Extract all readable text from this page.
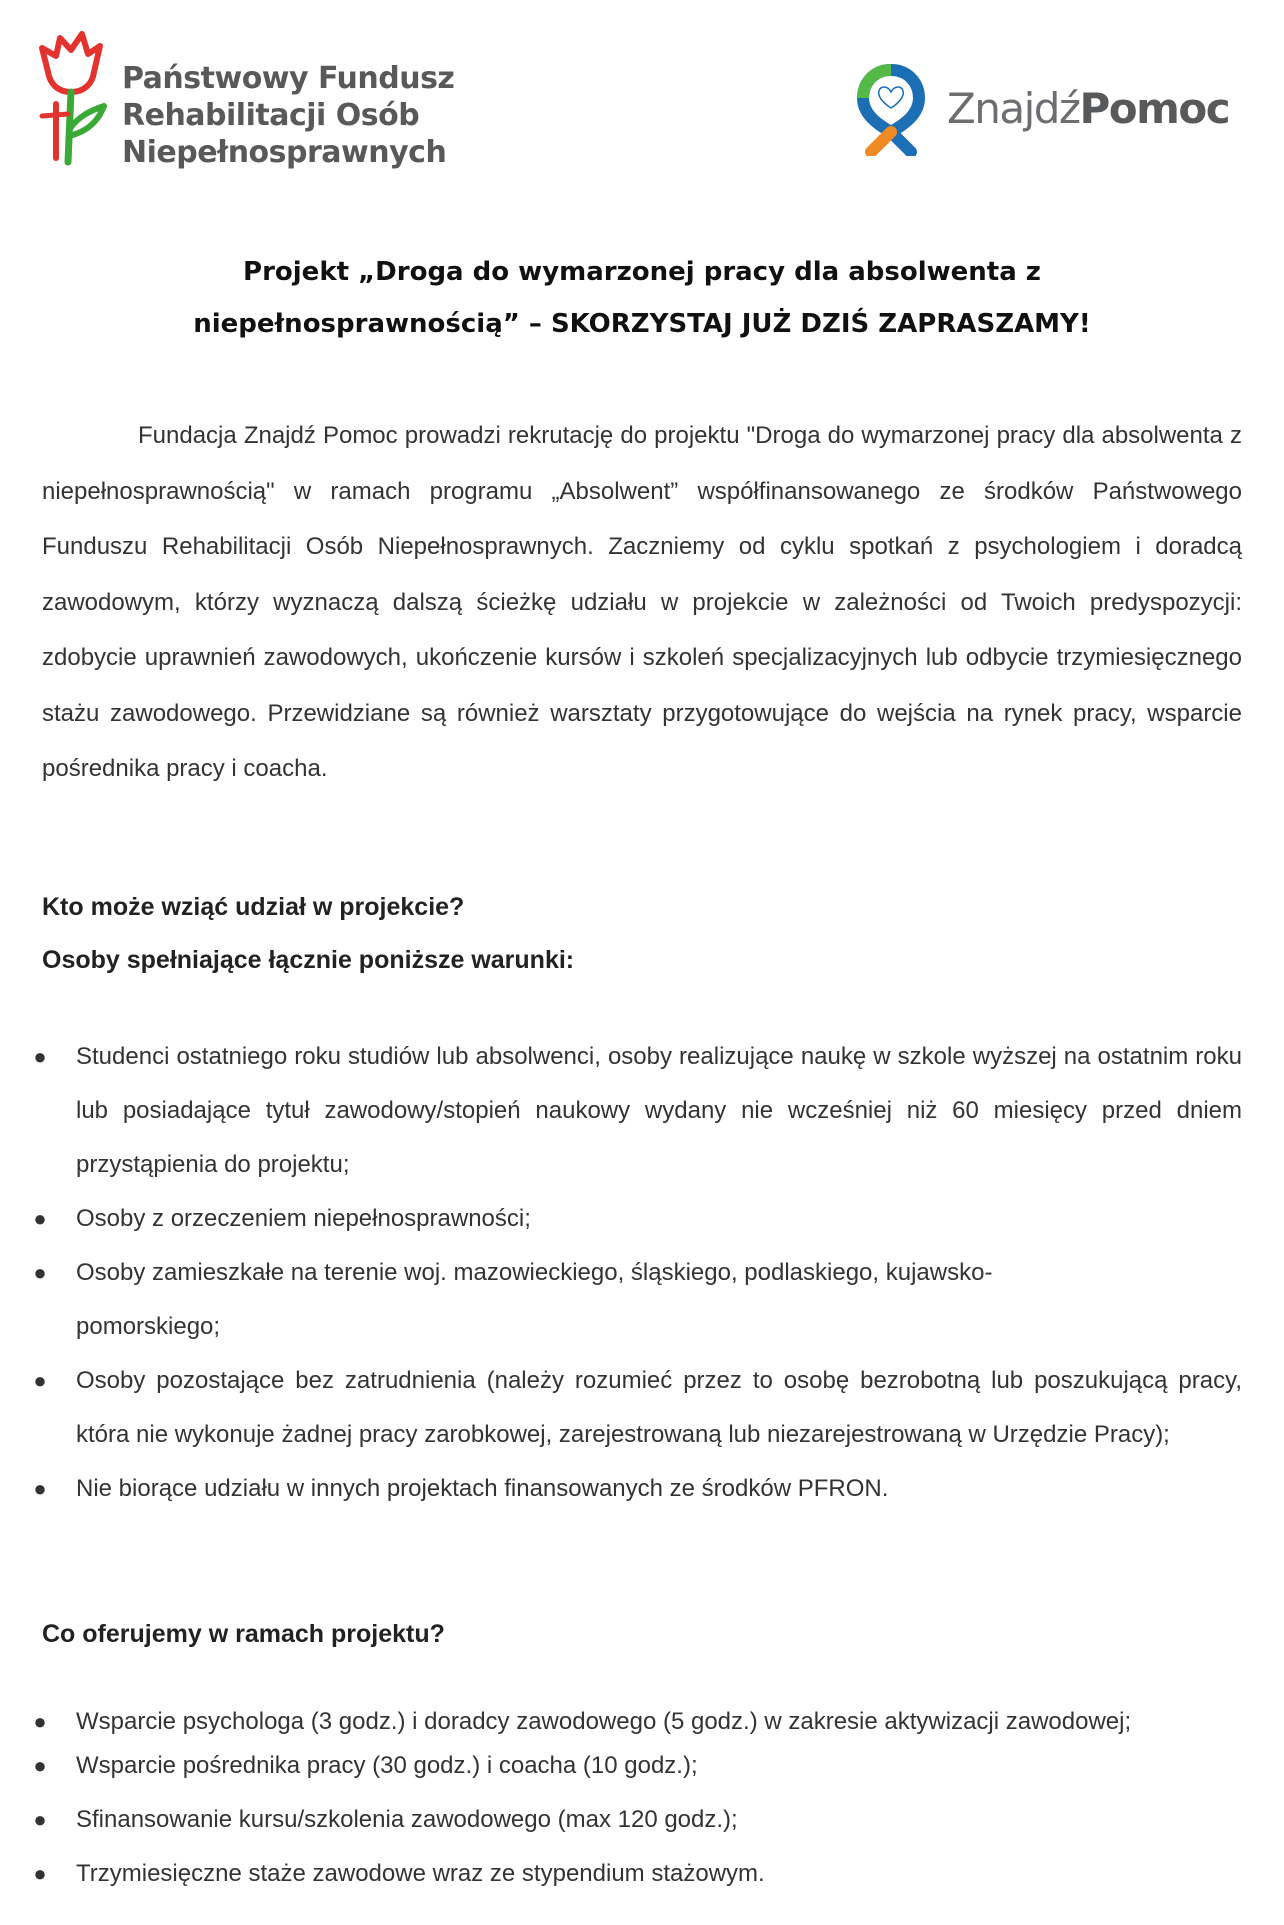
Państwowy Fundusz
Rehabilitacji Osób
Niepełnosprawnych
ZnajdźPomoc
Projekt „Droga do wymarzonej pracy dla absolwenta z
niepełnosprawnością” – SKORZYSTAJ JUŻ DZIŚ ZAPRASZAMY!

Fundacja Znajdź Pomoc prowadzi rekrutację do projektu "Droga do wymarzonej pracy dla absolwenta z niepełnosprawnością" w ramach programu „Absolwent” współfinansowanego ze środków Państwowego Funduszu Rehabilitacji Osób Niepełnosprawnych. Zaczniemy od cyklu spotkań z psychologiem i doradcą zawodowym, którzy wyznaczą dalszą ścieżkę udziału w projekcie w zależności od Twoich predyspozycji: zdobycie uprawnień zawodowych, ukończenie kursów i szkoleń specjalizacyjnych lub odbycie trzymiesięcznego stażu zawodowego. Przewidziane są również warsztaty przygotowujące do wejścia na rynek pracy, wsparcie pośrednika pracy i coacha.

Kto może wziąć udział w projekcie?
Osoby spełniające łącznie poniższe warunki:
● Studenci ostatniego roku studiów lub absolwenci, osoby realizujące naukę w szkole wyższej na ostatnim roku lub posiadające tytuł zawodowy/stopień naukowy wydany nie wcześniej niż 60 miesięcy przed dniem przystąpienia do projektu;
● Osoby z orzeczeniem niepełnosprawności;
● Osoby zamieszkałe na terenie woj. mazowieckiego, śląskiego, podlaskiego, kujawsko-pomorskiego;
● Osoby pozostające bez zatrudnienia (należy rozumieć przez to osobę bezrobotną lub poszukującą pracy, która nie wykonuje żadnej pracy zarobkowej, zarejestrowaną lub niezarejestrowaną w Urzędzie Pracy);
● Nie biorące udziału w innych projektach finansowanych ze środków PFRON.
Co oferujemy w ramach projektu?
● Wsparcie psychologa (3 godz.) i doradcy zawodowego (5 godz.) w zakresie aktywizacji zawodowej;
● Wsparcie pośrednika pracy (30 godz.) i coacha (10 godz.);
● Sfinansowanie kursu/szkolenia zawodowego (max 120 godz.);
● Trzymiesięczne staże zawodowe wraz ze stypendium stażowym.
